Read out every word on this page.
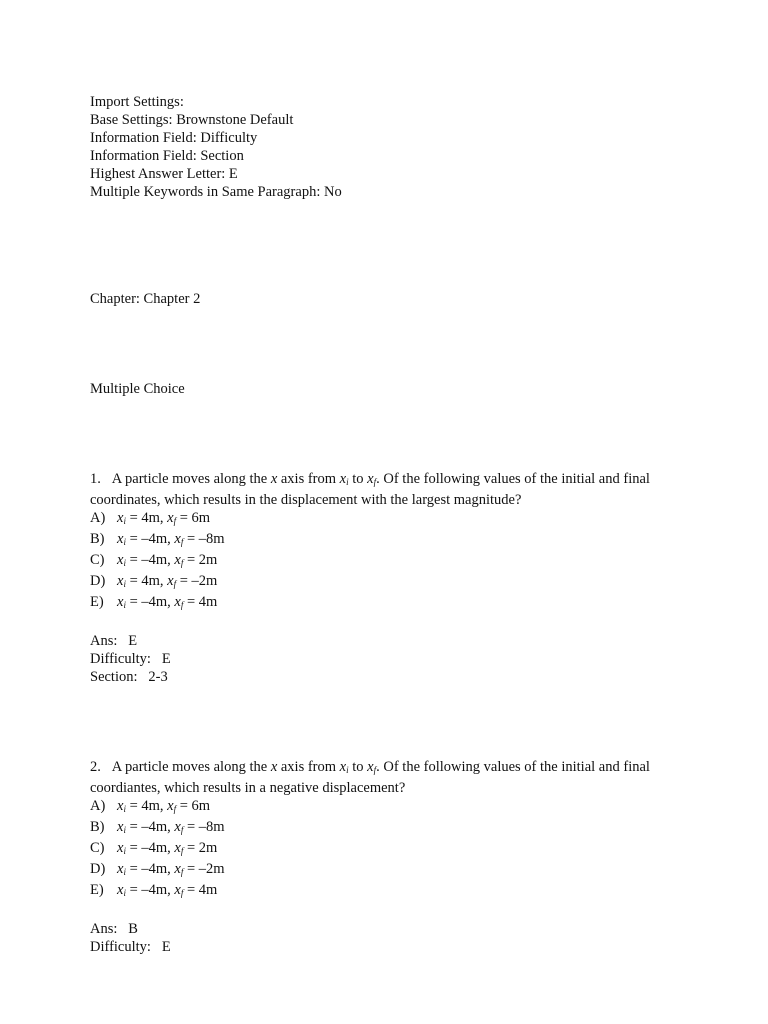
Import Settings:
Base Settings: Brownstone Default
Information Field: Difficulty
Information Field: Section
Highest Answer Letter: E
Multiple Keywords in Same Paragraph: No
Chapter: Chapter 2
Multiple Choice
1. A particle moves along the x axis from $x_i$ to $x_f$. Of the following values of the initial and final coordinates, which results in the displacement with the largest magnitude?
A) $x_i = 4m$, $x_f = 6m$
B) $x_i = -4m$, $x_f = -8m$
C) $x_i = -4m$, $x_f = 2m$
D) $x_i = 4m$, $x_f = -2m$
E) $x_i = -4m$, $x_f = 4m$
Ans:   E
Difficulty:   E
Section:   2-3
2. A particle moves along the x axis from $x_i$ to $x_f$. Of the following values of the initial and final coordiantes, which results in a negative displacement?
A) $x_i = 4m$, $x_f = 6m$
B) $x_i = -4m$, $x_f = -8m$
C) $x_i = -4m$, $x_f = 2m$
D) $x_i = -4m$, $x_f = -2m$
E) $x_i = -4m$, $x_f = 4m$
Ans:   B
Difficulty:   E
